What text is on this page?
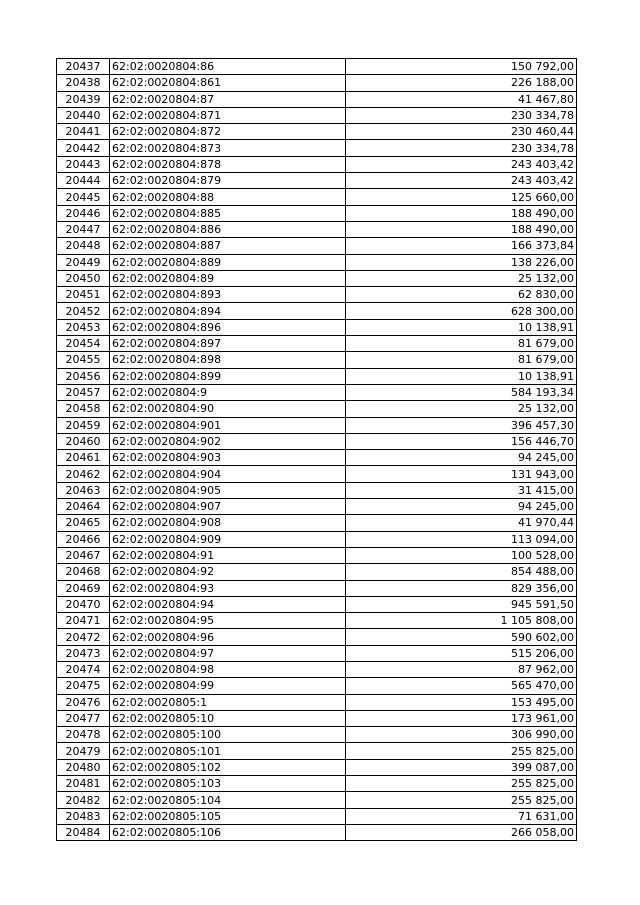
20437	62:02:0020804:86	150 792,00
20438	62:02:0020804:861	226 188,00
20439	62:02:0020804:87	41 467,80
20440	62:02:0020804:871	230 334,78
20441	62:02:0020804:872	230 460,44
20442	62:02:0020804:873	230 334,78
20443	62:02:0020804:878	243 403,42
20444	62:02:0020804:879	243 403,42
20445	62:02:0020804:88	125 660,00
20446	62:02:0020804:885	188 490,00
20447	62:02:0020804:886	188 490,00
20448	62:02:0020804:887	166 373,84
20449	62:02:0020804:889	138 226,00
20450	62:02:0020804:89	25 132,00
20451	62:02:0020804:893	62 830,00
20452	62:02:0020804:894	628 300,00
20453	62:02:0020804:896	10 138,91
20454	62:02:0020804:897	81 679,00
20455	62:02:0020804:898	81 679,00
20456	62:02:0020804:899	10 138,91
20457	62:02:0020804:9	584 193,34
20458	62:02:0020804:90	25 132,00
20459	62:02:0020804:901	396 457,30
20460	62:02:0020804:902	156 446,70
20461	62:02:0020804:903	94 245,00
20462	62:02:0020804:904	131 943,00
20463	62:02:0020804:905	31 415,00
20464	62:02:0020804:907	94 245,00
20465	62:02:0020804:908	41 970,44
20466	62:02:0020804:909	113 094,00
20467	62:02:0020804:91	100 528,00
20468	62:02:0020804:92	854 488,00
20469	62:02:0020804:93	829 356,00
20470	62:02:0020804:94	945 591,50
20471	62:02:0020804:95	1 105 808,00
20472	62:02:0020804:96	590 602,00
20473	62:02:0020804:97	515 206,00
20474	62:02:0020804:98	87 962,00
20475	62:02:0020804:99	565 470,00
20476	62:02:0020805:1	153 495,00
20477	62:02:0020805:10	173 961,00
20478	62:02:0020805:100	306 990,00
20479	62:02:0020805:101	255 825,00
20480	62:02:0020805:102	399 087,00
20481	62:02:0020805:103	255 825,00
20482	62:02:0020805:104	255 825,00
20483	62:02:0020805:105	71 631,00
20484	62:02:0020805:106	266 058,00
